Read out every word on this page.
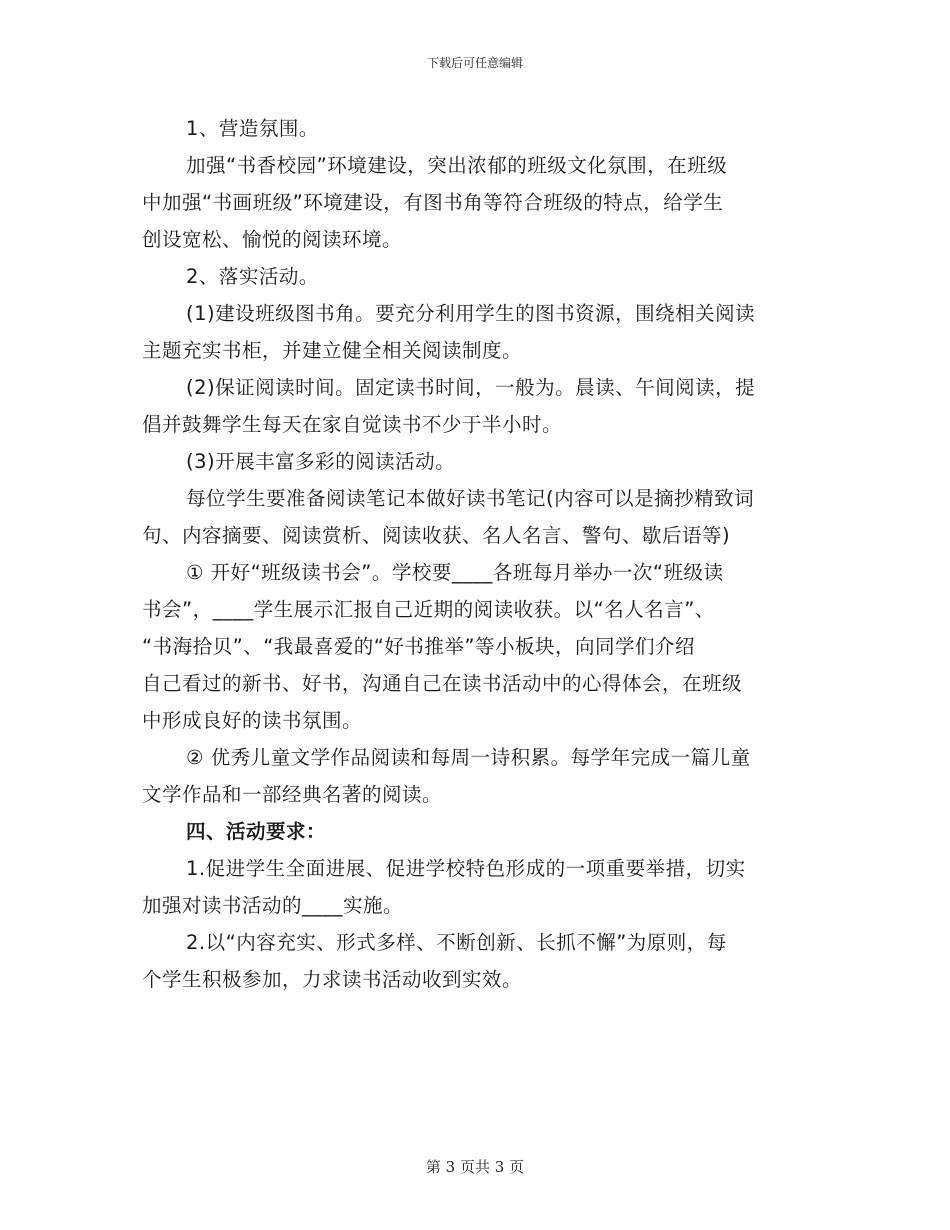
下载后可任意编辑

1、营造氛围。

加强“书香校园”环境建设，突出浓郁的班级文化氛围，在班级

中加强“书画班级”环境建设，有图书角等符合班级的特点，给学生

创设宽松、愉悦的阅读环境。

2、落实活动。

(1)建设班级图书角。要充分利用学生的图书资源，围绕相关阅读

主题充实书柜，并建立健全相关阅读制度。

(2)保证阅读时间。固定读书时间，一般为。晨读、午间阅读，提

倡并鼓舞学生每天在家自觉读书不少于半小时。

(3)开展丰富多彩的阅读活动。

每位学生要准备阅读笔记本做好读书笔记(内容可以是摘抄精致词

句、内容摘要、阅读赏析、阅读收获、名人名言、警句、歇后语等)

① 开好“班级读书会”。学校要____各班每月举办一次“班级读

书会”，____学生展示汇报自己近期的阅读收获。以“名人名言”、

“书海拾贝”、“我最喜爱的“好书推举”等小板块，向同学们介绍

自己看过的新书、好书，沟通自己在读书活动中的心得体会，在班级

中形成良好的读书氛围。

② 优秀儿童文学作品阅读和每周一诗积累。每学年完成一篇儿童

文学作品和一部经典名著的阅读。

四、活动要求：

1.促进学生全面进展、促进学校特色形成的一项重要举措，切实

加强对读书活动的____实施。

2.以“内容充实、形式多样、不断创新、长抓不懈”为原则，每

个学生积极参加，力求读书活动收到实效。

第 3 页共 3 页
